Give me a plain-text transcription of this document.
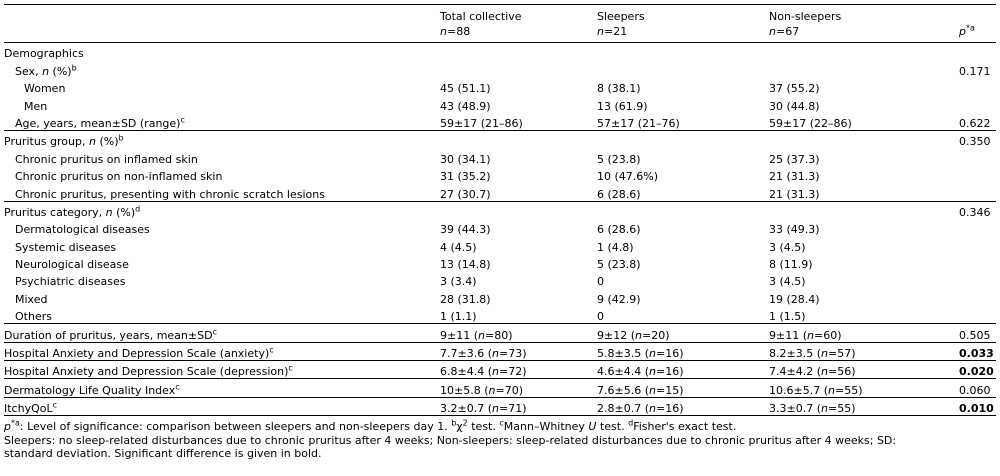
	Total collective	Sleepers	Non-sleepers	
	n=88	n=21	n=67	$p^{*a}$
Demographics				
Sex, n (%)$^b$				0.171
Women	45 (51.1)	8 (38.1)	37 (55.2)	
Men	43 (48.9)	13 (61.9)	30 (44.8)	
Age, years, mean±SD (range)$^c$	59±17 (21–86)	57±17 (21–76)	59±17 (22–86)	0.622
Pruritus group, n (%)$^b$				0.350
Chronic pruritus on inflamed skin	30 (34.1)	5 (23.8)	25 (37.3)	
Chronic pruritus on non-inflamed skin	31 (35.2)	10 (47.6%)	21 (31.3)	
Chronic pruritus, presenting with chronic scratch lesions	27 (30.7)	6 (28.6)	21 (31.3)	
Pruritus category, n (%)$^d$				0.346
Dermatological diseases	39 (44.3)	6 (28.6)	33 (49.3)	
Systemic diseases	4 (4.5)	1 (4.8)	3 (4.5)	
Neurological disease	13 (14.8)	5 (23.8)	8 (11.9)	
Psychiatric diseases	3 (3.4)	0	3 (4.5)	
Mixed	28 (31.8)	9 (42.9)	19 (28.4)	
Others	1 (1.1)	0	1 (1.5)	
Duration of pruritus, years, $mean\pm SD^c$	9±11 (n=80)	9±12 (n=20)	9±11 (n=60)	0.505
Hospital Anxiety and Depression Scale (anxiety)$^c$	7.7±3.6 (n=73)	5.8±3.5 (n=16)	8.2±3.5 (n=57)	0.033
Hospital Anxiety and Depression Scale (depression)$^c$	6.8±4.4 (n=72)	4.6±4.4 (n=16)	7.4±4.2 (n=56)	0.020
Dermatology Life Quality Index$^c$	10±5.8 (n=70)	7.6±5.6 (n=15)	10.6±5.7 (n=55)	0.060
ItchyQoL$^c$	3.2±0.7 (n=71)	2.8±0.7 (n=16)	3.3±0.7 (n=55)	0.010
$p^{*a}$: Level of significance: comparison between sleepers and non-sleepers day 1. $^b\chi^2$ test. $^c$Mann–Whitney U test. $^d$Fisher's exact test.
Sleepers: no sleep-related disturbances due to chronic pruritus after 4 weeks; Non-sleepers: sleep-related disturbances due to chronic pruritus after 4 weeks; SD:
standard deviation. Significant difference is given in bold.
